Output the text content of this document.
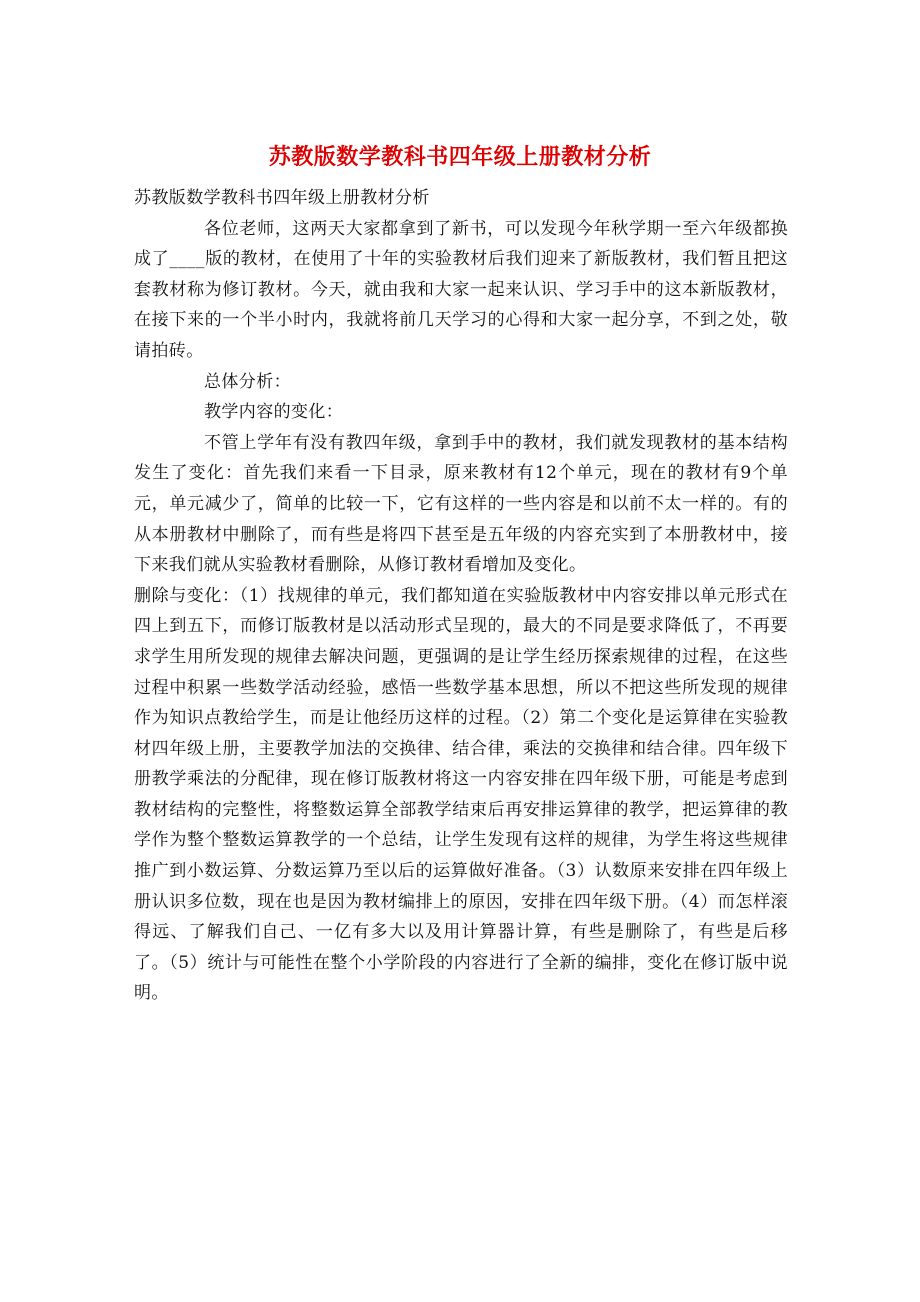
苏教版数学教科书四年级上册教材分析

苏教版数学教科书四年级上册教材分析

各位老师，这两天大家都拿到了新书，可以发现今年秋学期一至六年级都换成了____版的教材，在使用了十年的实验教材后我们迎来了新版教材，我们暂且把这套教材称为修订教材。今天，就由我和大家一起来认识、学习手中的这本新版教材，在接下来的一个半小时内，我就将前几天学习的心得和大家一起分享，不到之处，敬请拍砖。

总体分析：

教学内容的变化：

不管上学年有没有教四年级，拿到手中的教材，我们就发现教材的基本结构发生了变化：首先我们来看一下目录，原来教材有12个单元，现在的教材有9个单元，单元减少了，简单的比较一下，它有这样的一些内容是和以前不太一样的。有的从本册教材中删除了，而有些是将四下甚至是五年级的内容充实到了本册教材中，接下来我们就从实验教材看删除，从修订教材看增加及变化。

删除与变化：（1）找规律的单元，我们都知道在实验版教材中内容安排以单元形式在四上到五下，而修订版教材是以活动形式呈现的，最大的不同是要求降低了，不再要求学生用所发现的规律去解决问题，更强调的是让学生经历探索规律的过程，在这些过程中积累一些数学活动经验，感悟一些数学基本思想，所以不把这些所发现的规律作为知识点教给学生，而是让他经历这样的过程。（2）第二个变化是运算律在实验教材四年级上册，主要教学加法的交换律、结合律，乘法的交换律和结合律。四年级下册教学乘法的分配律，现在修订版教材将这一内容安排在四年级下册，可能是考虑到教材结构的完整性，将整数运算全部教学结束后再安排运算律的教学，把运算律的教学作为整个整数运算教学的一个总结，让学生发现有这样的规律，为学生将这些规律推广到小数运算、分数运算乃至以后的运算做好准备。（3）认数原来安排在四年级上册认识多位数，现在也是因为教材编排上的原因，安排在四年级下册。（4）而怎样滚得远、了解我们自己、一亿有多大以及用计算器计算，有些是删除了，有些是后移了。（5）统计与可能性在整个小学阶段的内容进行了全新的编排，变化在修订版中说明。
